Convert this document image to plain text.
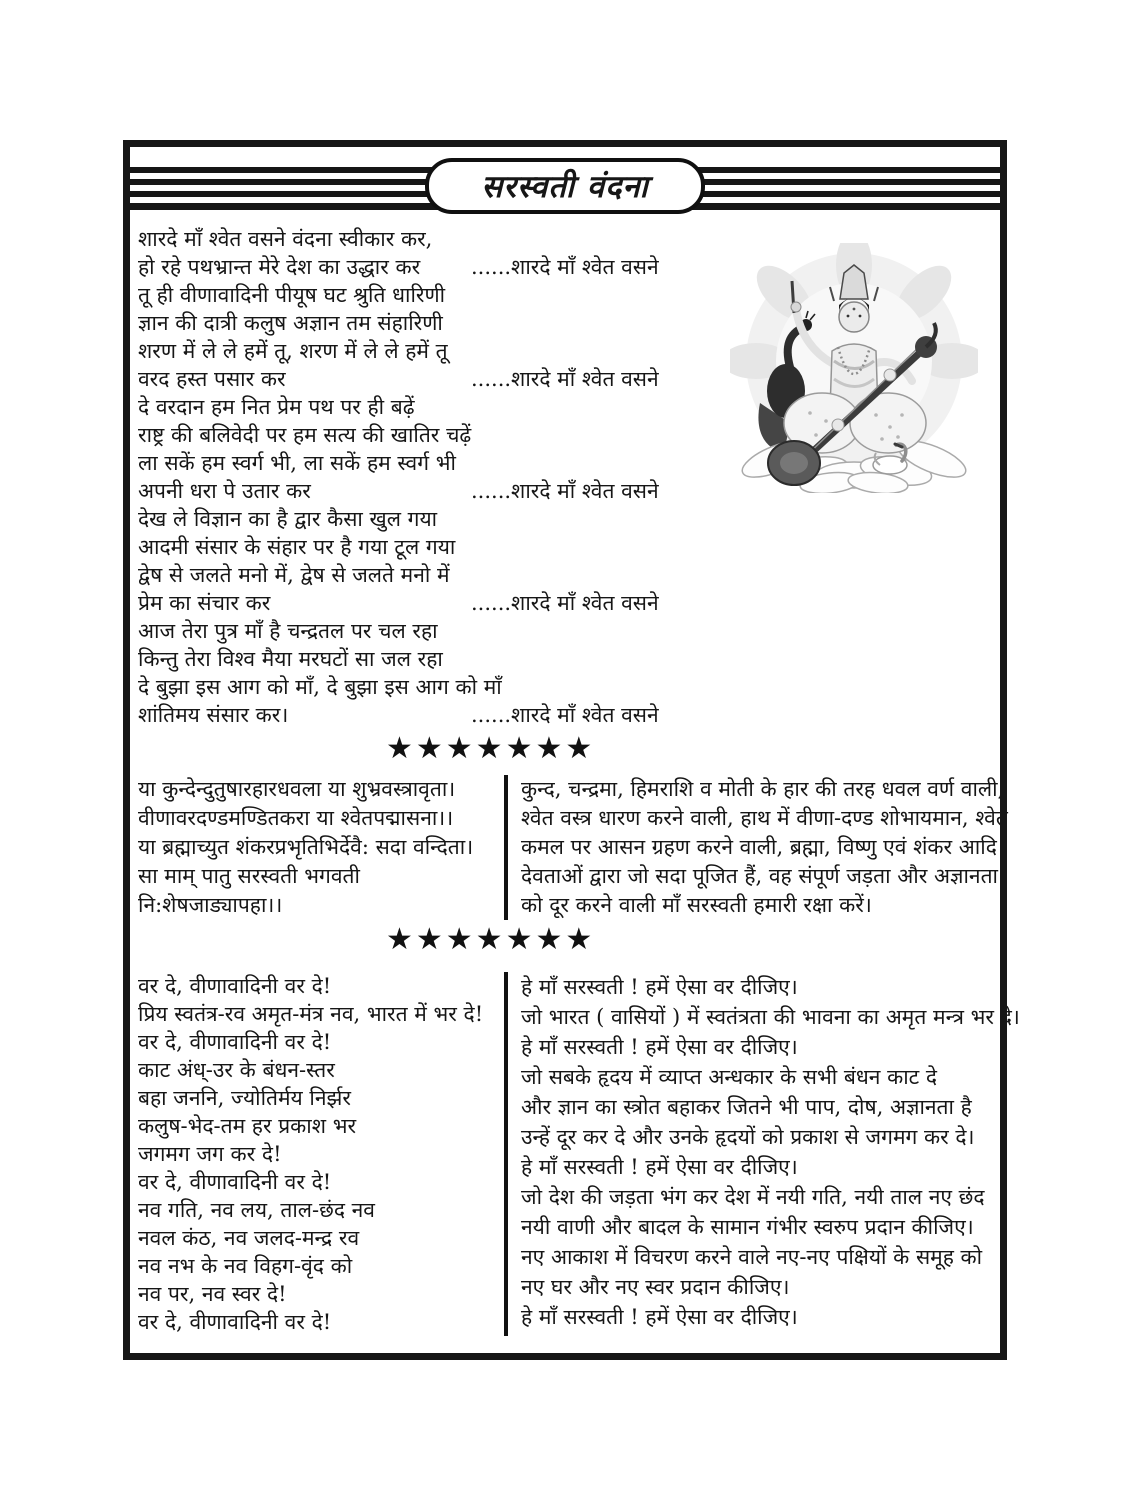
सरस्वती वंदना
शारदे माँ श्वेत वसने वंदना स्वीकार कर,
हो रहे पथभ्रान्त मेरे देश का उद्धार कर ......शारदे माँ श्वेत वसने
तू ही वीणावादिनी पीयूष घट श्रुति धारिणी
ज्ञान की दात्री कलुष अज्ञान तम संहारिणी
शरण में ले ले हमें तू, शरण में ले ले हमें तू
वरद हस्त पसार कर	......शारदे माँ श्वेत वसने
दे वरदान हम नित प्रेम पथ पर ही बढ़ें
राष्ट्र की बलिवेदी पर हम सत्य की खातिर चढ़ें
ला सकें हम स्वर्ग भी, ला सकें हम स्वर्ग भी
अपनी धरा पे उतार कर	......शारदे माँ श्वेत वसने
देख ले विज्ञान का है द्वार कैसा खुल गया
आदमी संसार के संहार पर है गया टूल गया
द्वेष से जलते मनो में, द्वेष से जलते मनो में
प्रेम का संचार कर	......शारदे माँ श्वेत वसने
आज तेरा पुत्र माँ है चन्द्रतल पर चल रहा
किन्तु तेरा विश्व मैया मरघटों सा जल रहा
दे बुझा इस आग को माँ, दे बुझा इस आग को माँ
शांतिमय संसार कर।	......शारदे माँ श्वेत वसने
★★★★★★★
या कुन्देन्दुतुषारहारधवला या शुभ्रवस्त्रावृता।
वीणावरदण्डमण्डितकरा या श्वेतपद्मासना।।
या ब्रह्माच्युत शंकरप्रभृतिभिर्देवै: सदा वन्दिता।
सा माम् पातु सरस्वती भगवती
नि:शेषजाड्यापहा।।
कुन्द, चन्द्रमा, हिमराशि व मोती के हार की तरह धवल वर्ण वाली,
श्वेत वस्त्र धारण करने वाली, हाथ में वीणा-दण्ड शोभायमान, श्वेत
कमल पर आसन ग्रहण करने वाली, ब्रह्मा, विष्णु एवं शंकर आदि
देवताओं द्वारा जो सदा पूजित हैं, वह संपूर्ण जड़ता और अज्ञानता
को दूर करने वाली माँ सरस्वती हमारी रक्षा करें।
★★★★★★★
वर दे, वीणावादिनी वर दे!
प्रिय स्वतंत्र-रव अमृत-मंत्र नव, भारत में भर दे!
वर दे, वीणावादिनी वर दे!
काट अंध्-उर के बंधन-स्तर
बहा जननि, ज्योतिर्मय निर्झर
कलुष-भेद-तम हर प्रकाश भर
जगमग जग कर दे!
वर दे, वीणावादिनी वर दे!
नव गति, नव लय, ताल-छंद नव
नवल कंठ, नव जलद-मन्द्र रव
नव नभ के नव विहग-वृंद को
नव पर, नव स्वर दे!
वर दे, वीणावादिनी वर दे!
हे माँ सरस्वती ! हमें ऐसा वर दीजिए।
जो भारत ( वासियों ) में स्वतंत्रता की भावना का अमृत मन्त्र भर दे।
हे माँ सरस्वती ! हमें ऐसा वर दीजिए।
जो सबके हृदय में व्याप्त अन्धकार के सभी बंधन काट दे
और ज्ञान का स्त्रोत बहाकर जितने भी पाप, दोष, अज्ञानता है
उन्हें दूर कर दे और उनके हृदयों को प्रकाश से जगमग कर दे।
हे माँ सरस्वती ! हमें ऐसा वर दीजिए।
जो देश की जड़ता भंग कर देश में नयी गति, नयी ताल नए छंद
नयी वाणी और बादल के सामान गंभीर स्वरुप प्रदान कीजिए।
नए आकाश में विचरण करने वाले नए-नए पक्षियों के समूह को
नए घर और नए स्वर प्रदान कीजिए।
हे माँ सरस्वती ! हमें ऐसा वर दीजिए।
